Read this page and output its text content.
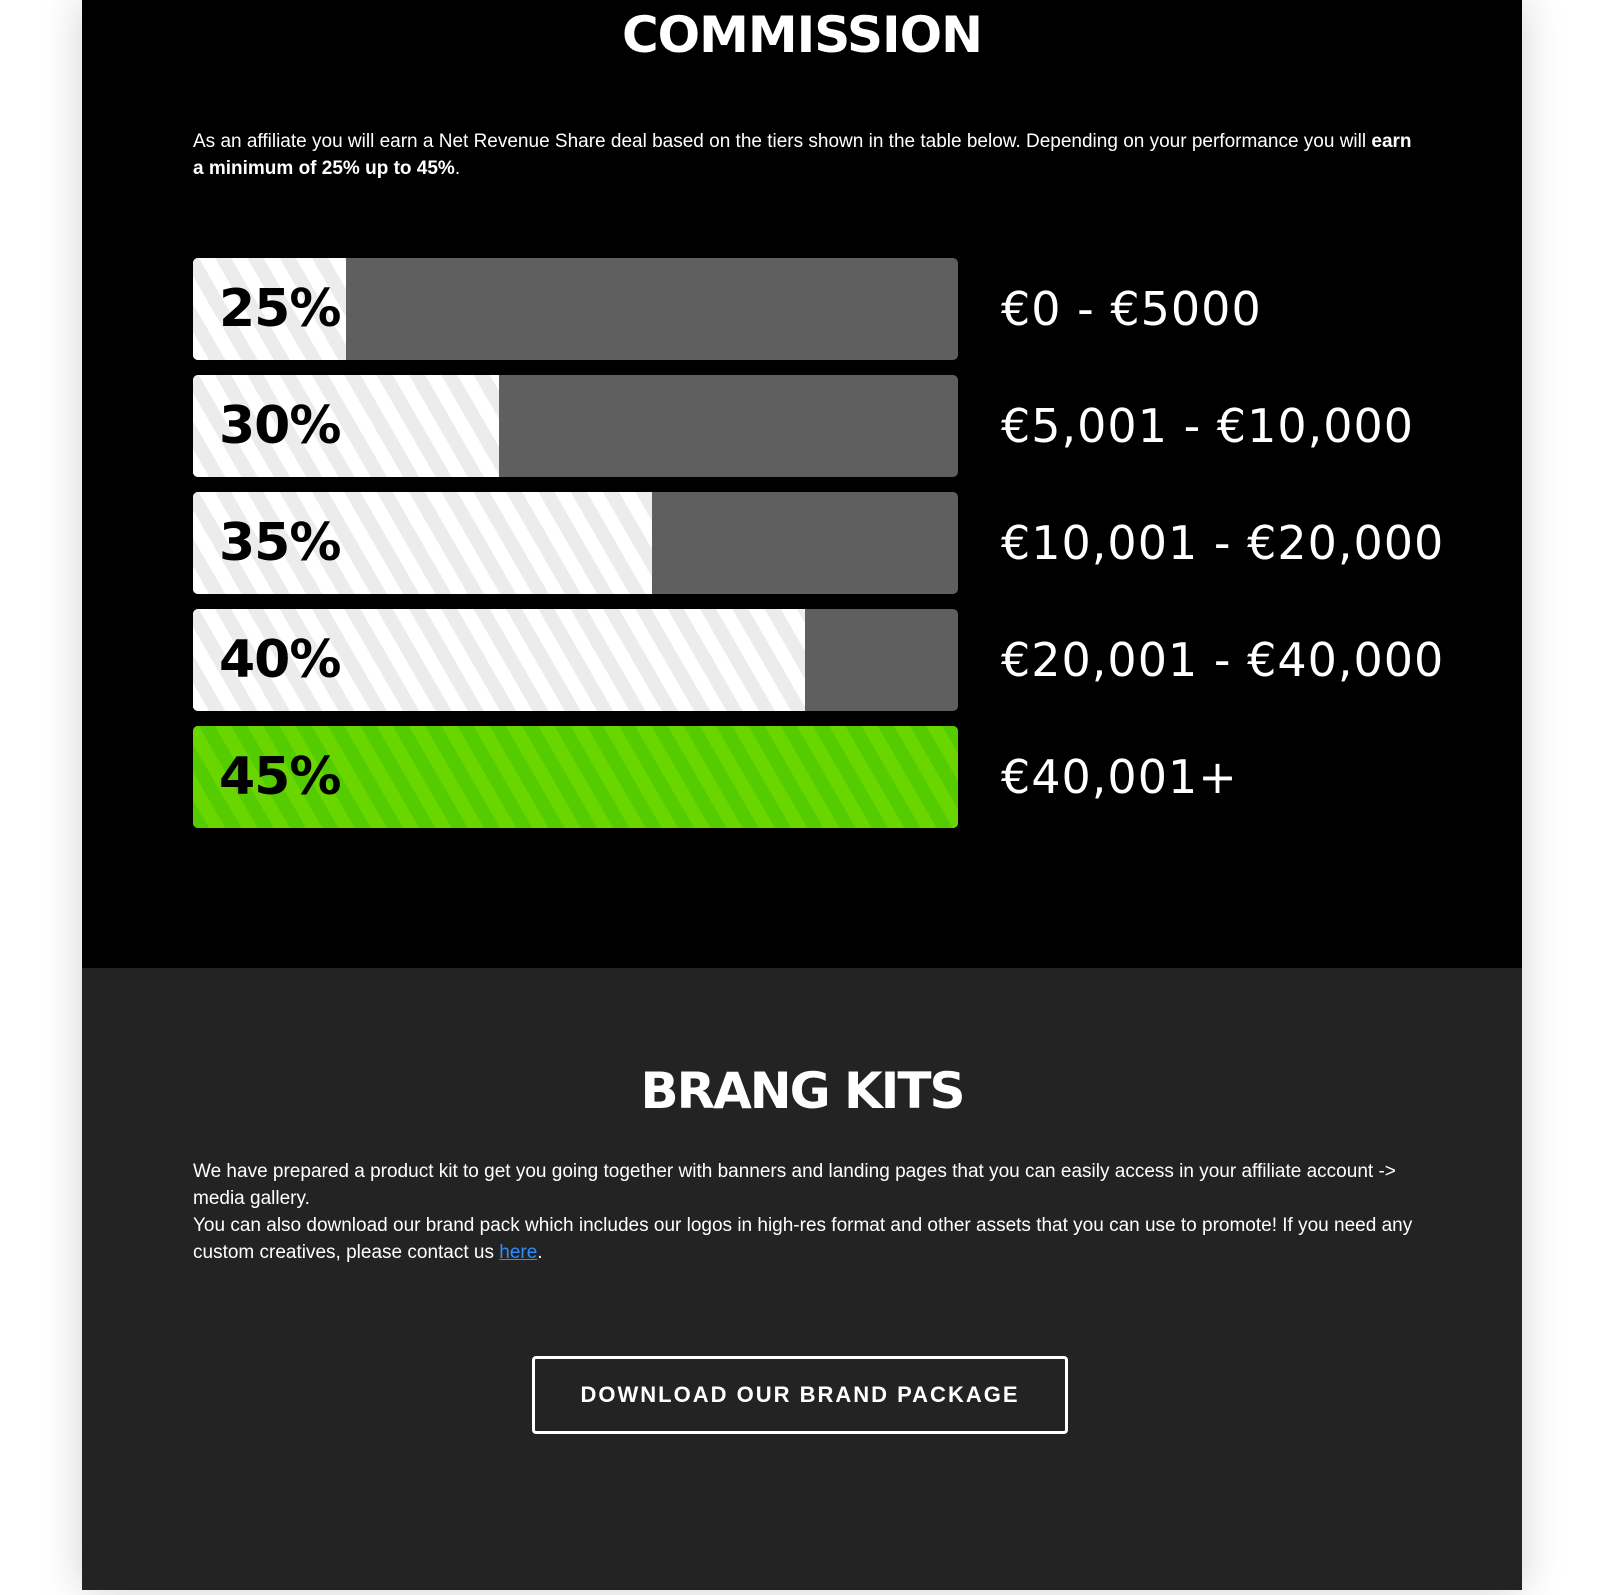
COMMISSION

As an affiliate you will earn a Net Revenue Share deal based on the tiers shown in the table below. Depending on your performance you will earn a minimum of 25% up to 45%.

25%	€0 - €5000
30%	€5,001 - €10,000
35%	€10,001 - €20,000
40%	€20,001 - €40,000
45%	€40,001+
BRANG KITS

We have prepared a product kit to get you going together with banners and landing pages that you can easily access in your affiliate account -> media gallery.
You can also download our brand pack which includes our logos in high-res format and other assets that you can use to promote! If you need any custom creatives, please contact us here.

DOWNLOAD OUR BRAND PACKAGE
